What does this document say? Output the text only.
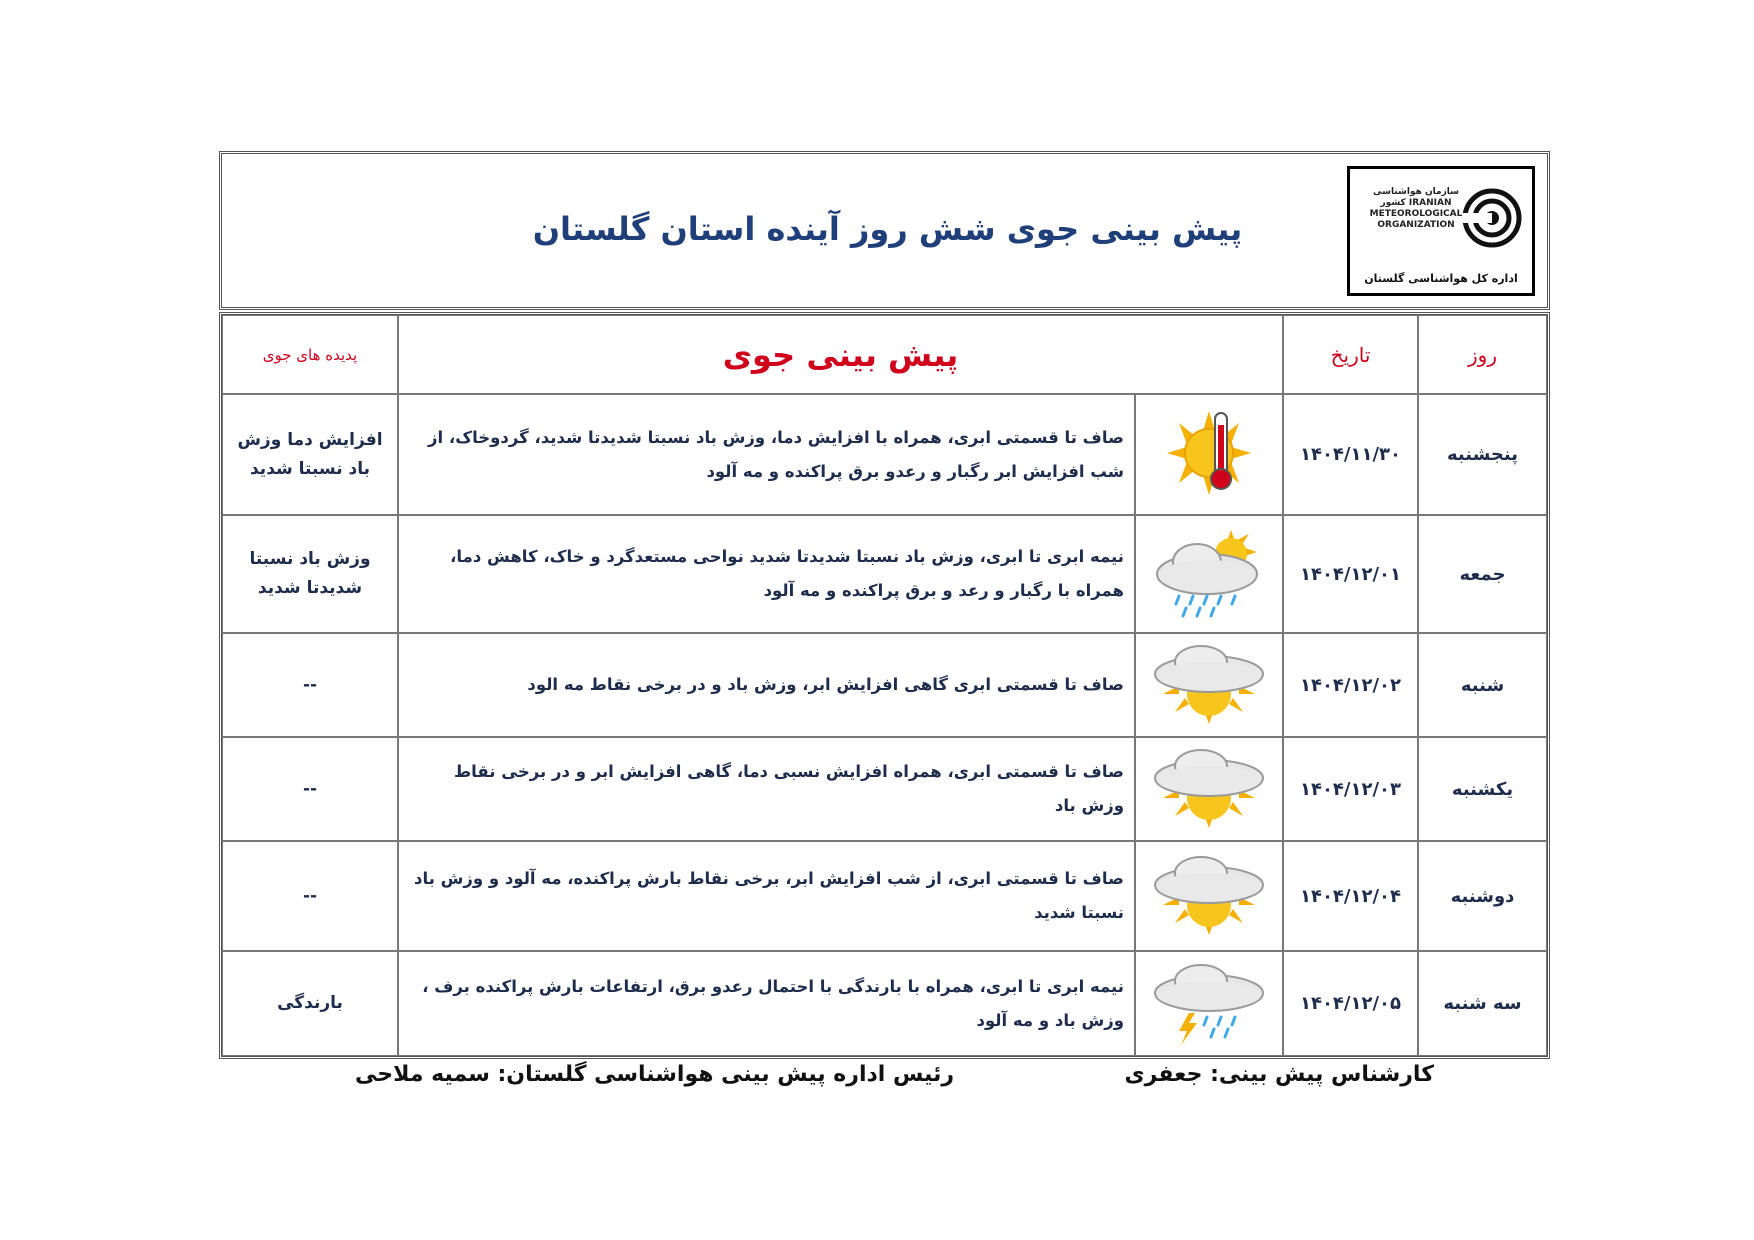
پیش بینی جوی شش روز آینده استان گلستان
سازمان هواشناسی کشور IRANIAN METEOROLOGICAL ORGANIZATION
اداره کل هواشناسی گلستان
روز	تاریخ	پیش بینی جوی		پدیده های جوی
پنجشنبه	۱۴۰۴/۱۱/۳۰		صاف تا قسمتی ابری، همراه با افزایش دما، وزش باد نسبتا شدیدتا شدید، گردوخاک، از شب افزایش ابر رگبار و رعدو برق پراکنده و مه آلود	افزایش دما وزش باد نسبتا شدید
جمعه	۱۴۰۴/۱۲/۰۱		نیمه ابری تا ابری، وزش باد نسبتا شدیدتا شدید نواحی مستعدگرد و خاک، کاهش دما، همراه با رگبار و رعد و برق پراکنده و مه آلود	وزش باد نسبتا شدیدتا شدید
شنبه	۱۴۰۴/۱۲/۰۲		صاف تا قسمتی ابری گاهی افزایش ابر، وزش باد و در برخی نقاط مه الود	--
یکشنبه	۱۴۰۴/۱۲/۰۳		صاف تا قسمتی ابری، همراه افزایش نسبی دما، گاهی افزایش ابر و در برخی نقاط وزش باد	--
دوشنبه	۱۴۰۴/۱۲/۰۴		صاف تا قسمتی ابری، از شب افزایش ابر، برخی نقاط بارش پراکنده، مه آلود و وزش باد نسبتا شدید	--
سه شنبه	۱۴۰۴/۱۲/۰۵		نیمه ابری تا ابری، همراه با بارندگی با احتمال رعدو برق، ارتفاعات بارش پراکنده برف ، وزش باد و مه آلود	بارندگی
کارشناس پیش بینی: جعفری
رئیس اداره پیش بینی هواشناسی گلستان: سمیه ملاحی
